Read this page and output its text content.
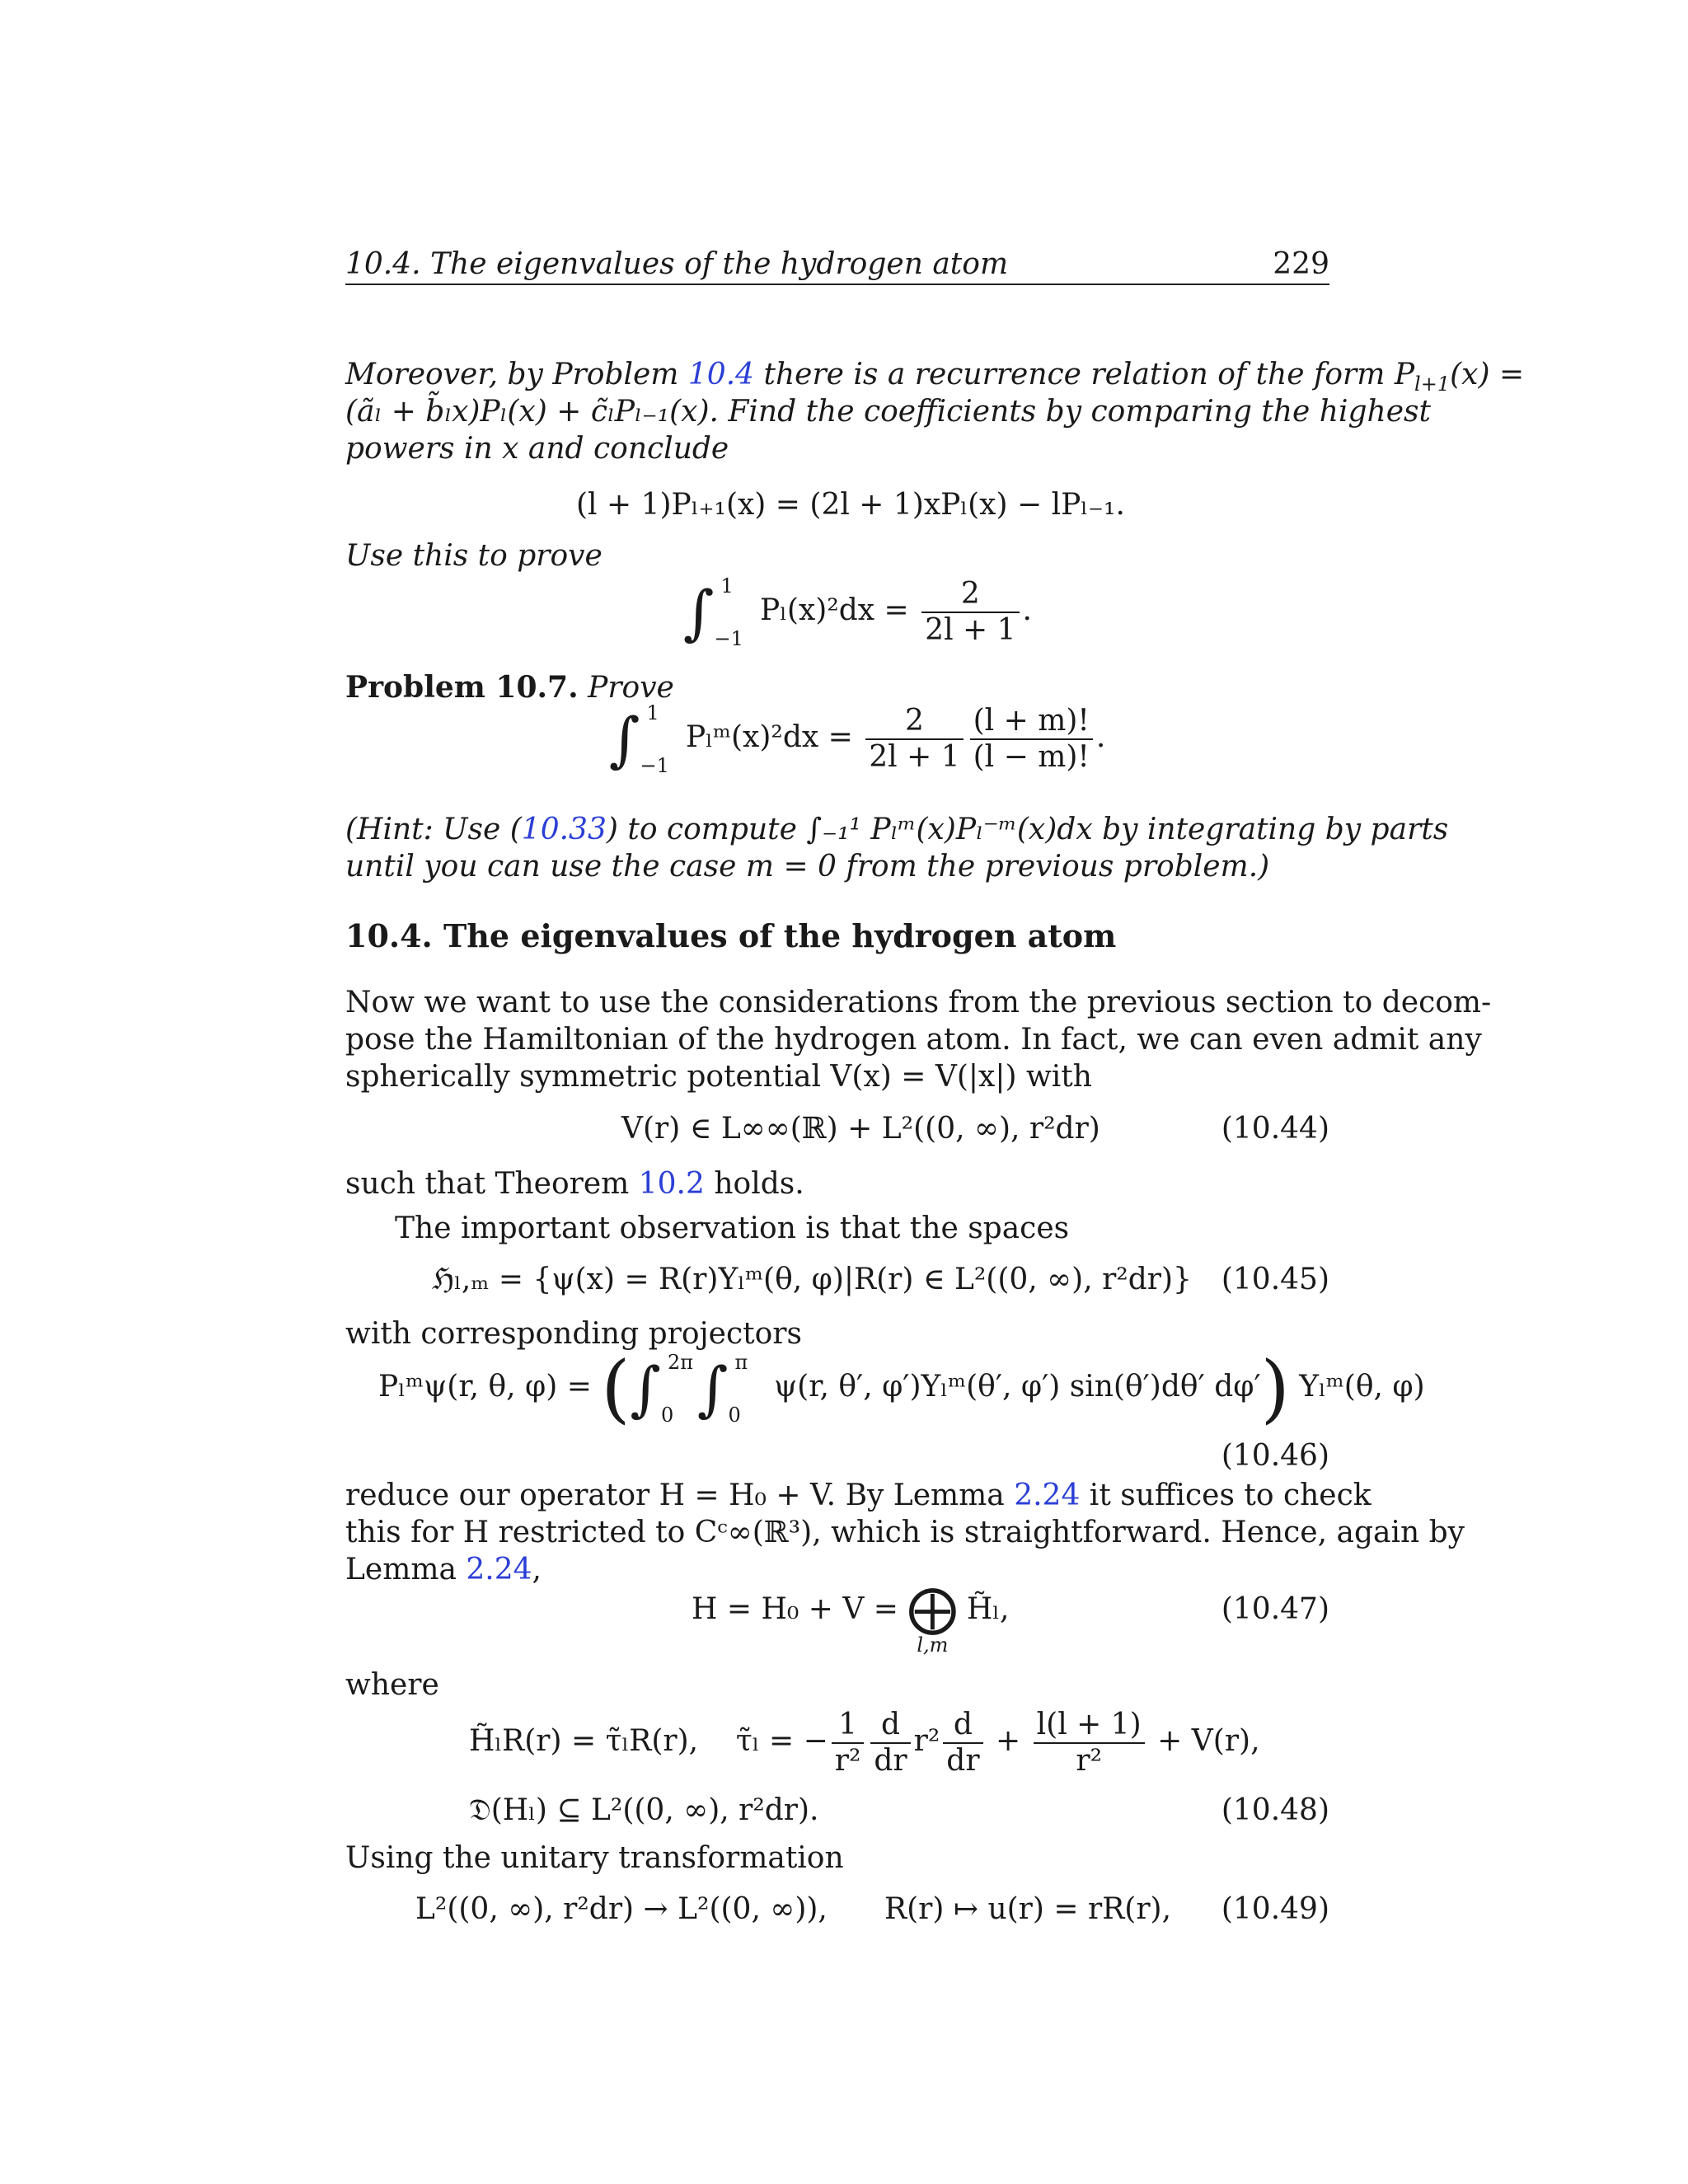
10.4. The eigenvalues of the hydrogen atom	229
Moreover, by Problem 10.4 there is a recurrence relation of the form $P_{l+1}(x)$ =
(ãₗ + b̃ₗx)Pₗ(x) + c̃ₗPₗ₋₁(x). Find the coefficients by comparing the highest
powers in x and conclude
(l + 1)Pₗ₊₁(x) = (2l + 1)xPₗ(x) − lPₗ₋₁.
Use this to prove
∫ 1
−1
$P_l(x)^2dx = \frac{2}{2l + 1}$ .
Problem 10.7. Prove
∫ 1
−1
Pₗᵐ(x)²dx = $\frac{2}{2l + 1} \frac{(l + m)!}{(l - m)!}$ .
(Hint: Use (10.33) to compute ∫₋₁¹ Pₗᵐ(x)Pₗ⁻ᵐ(x)dx by integrating by parts
until you can use the case m = 0 from the previous problem.)
10.4. The eigenvalues of the hydrogen atom
Now we want to use the considerations from the previous section to decom-
pose the Hamiltonian of the hydrogen atom. In fact, we can even admit any
spherically symmetric potential V(x) = V(|x|) with
V(r) ∈ L∞∞(ℝ) + L²((0, ∞), r²dr)	(10.44)
such that Theorem 10.2 holds.
The important observation is that the spaces
ℌₗ,ₘ = {ψ(x) = R(r)Yₗᵐ(θ, φ)|R(r) ∈ L²((0, ∞), r²dr)} (10.45)
with corresponding projectors
Pₗᵐψ(r, θ, φ) = (∫ 2π
0 ∫ π
0
ψ(r, θ′, φ′)Yₗᵐ(θ′, φ′) sin(θ′)dθ′ dφ′) Yₗᵐ(θ, φ)
(10.46)
reduce our operator H = H₀ + V. By Lemma 2.24 it suffices to check
this for H restricted to Cᶜ∞(ℝ³), which is straightforward. Hence, again by
Lemma 2.24,
H = H₀ + V = ⨁
l,m
H̃ₗ,	(10.47)
where
H̃ₗR(r) = τ̃ₗR(r), τ̃ₗ = − $\frac{1}{\text{r²}} \frac{d}{dr} r^2 \frac{d}{dr} + \frac{l(l + 1)}{\text{r²}} + V(r)$,
𝔇(Hₗ) ⊆ L²((0, ∞), r²dr).	(10.48)
Using the unitary transformation
L²((0, ∞), r²dr) → L²((0, ∞)), R(r) ↦ u(r) = rR(r), (10.49)
